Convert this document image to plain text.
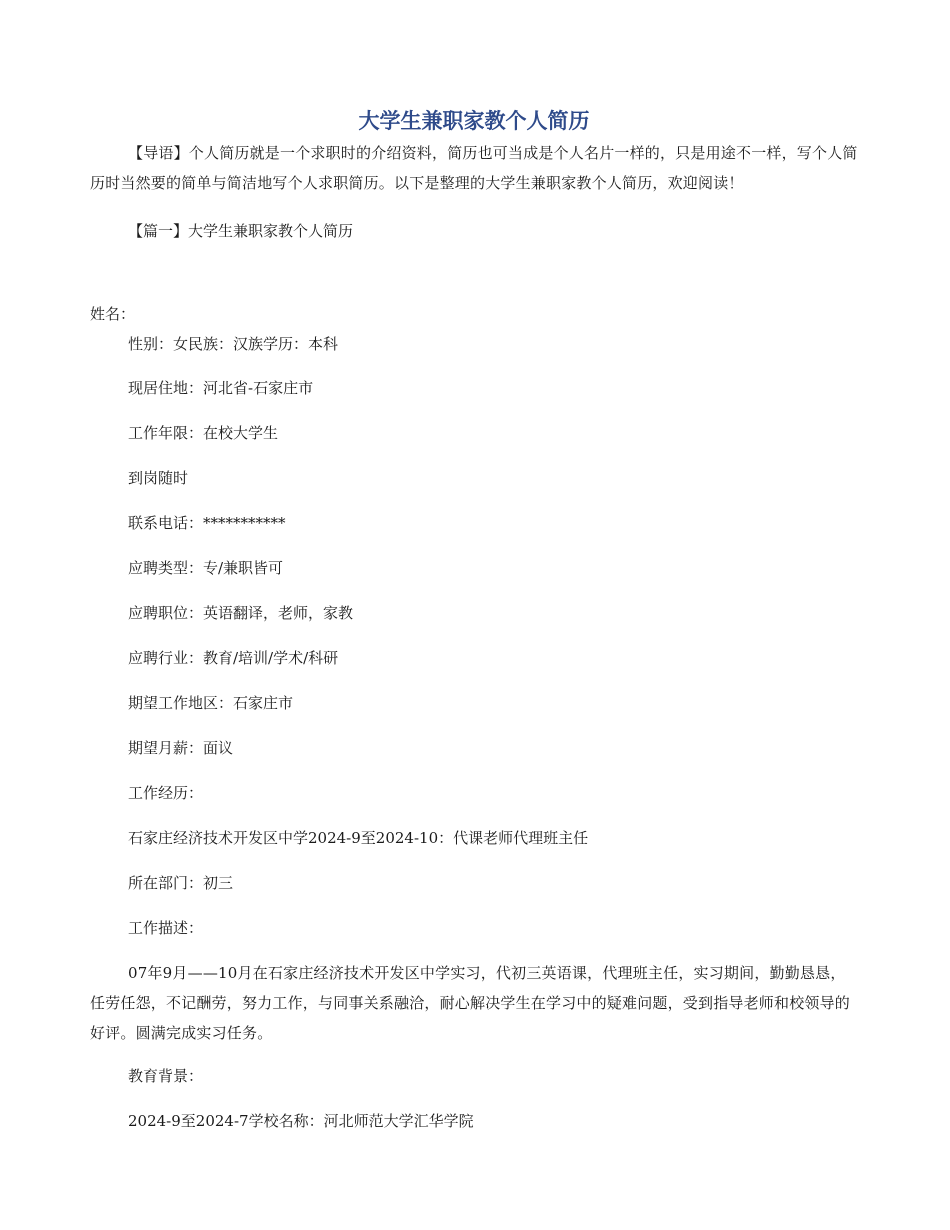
大学生兼职家教个人简历

【导语】个人简历就是一个求职时的介绍资料，简历也可当成是个人名片一样的，只是用途不一样，写个人简历时当然要的简单与简洁地写个人求职简历。以下是整理的大学生兼职家教个人简历，欢迎阅读！

【篇一】大学生兼职家教个人简历

姓名：

性别：女民族：汉族学历：本科

现居住地：河北省-石家庄市

工作年限：在校大学生

到岗随时

联系电话：***********

应聘类型：专/兼职皆可

应聘职位：英语翻译，老师，家教

应聘行业：教育/培训/学术/科研

期望工作地区：石家庄市

期望月薪：面议

工作经历：

石家庄经济技术开发区中学2024-9至2024-10：代课老师代理班主任

所在部门：初三

工作描述：

07年9月——10月在石家庄经济技术开发区中学实习，代初三英语课，代理班主任，实习期间，勤勤恳恳，任劳任怨，不记酬劳，努力工作，与同事关系融洽，耐心解决学生在学习中的疑难问题，受到指导老师和校领导的好评。圆满完成实习任务。

教育背景：

2024-9至2024-7学校名称：河北师范大学汇华学院
